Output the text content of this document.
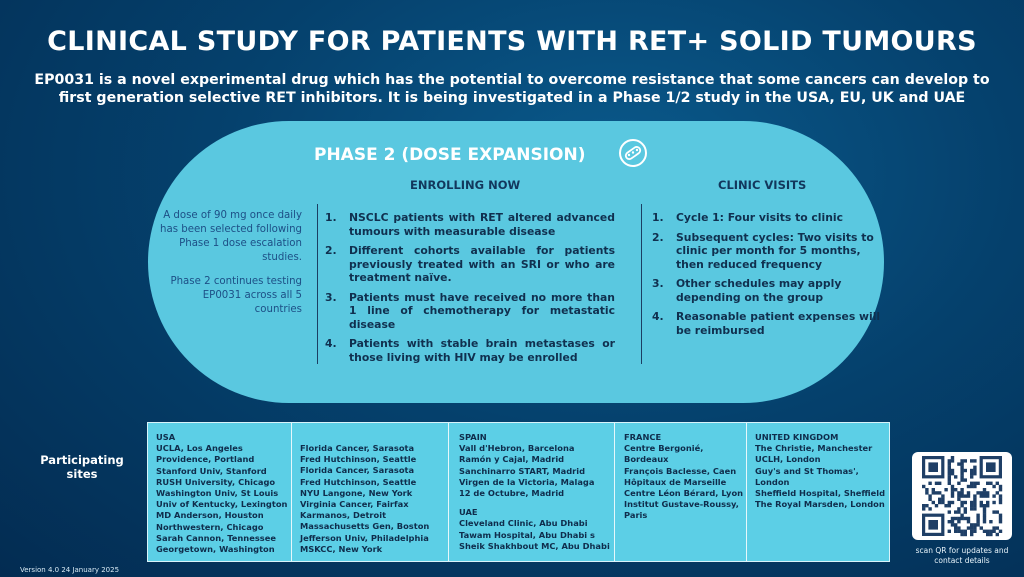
CLINICAL STUDY FOR PATIENTS WITH RET+ SOLID TUMOURS
EP0031 is a novel experimental drug which has the potential to overcome resistance that some cancers can develop to
first generation selective RET inhibitors. It is being investigated in a Phase 1/2 study in the USA, EU, UK and UAE
PHASE 2 (DOSE EXPANSION)

A dose of 90 mg once daily has been selected following Phase 1 dose escalation studies.

Phase 2 continues testing EP0031 across all 5 countries

ENROLLING NOW
1. NSCLC patients with RET altered advanced tumours with measurable disease
2. Different cohorts available for patients previously treated with an SRI or who are treatment naïve.
3. Patients must have received no more than 1 line of chemotherapy for metastatic disease
4. Patients with stable brain metastases or those living with HIV may be enrolled
CLINIC VISITS
1. Cycle 1: Four visits to clinic
2. Subsequent cycles: Two visits to clinic per month for 5 months, then reduced frequency
3. Other schedules may apply depending on the group
4. Reasonable patient expenses will be reimbursed
Participating sites
USA
UCLA, Los Angeles
Providence, Portland
Stanford Univ, Stanford
RUSH University, Chicago
Washington Univ, St Louis
Univ of Kentucky, Lexington
MD Anderson, Houston
Northwestern, Chicago
Sarah Cannon, Tennessee
Georgetown, Washington
Florida Cancer, Sarasota
Fred Hutchinson, Seattle
Florida Cancer, Sarasota
Fred Hutchinson, Seattle
NYU Langone, New York
Virginia Cancer, Fairfax
Karmanos, Detroit
Massachusetts Gen, Boston
Jefferson Univ, Philadelphia
MSKCC, New York
SPAIN
Vall d'Hebron, Barcelona
Ramón y Cajal, Madrid
Sanchinarro START, Madrid
Virgen de la Victoria, Malaga
12 de Octubre, Madrid
UAE
Cleveland Clinic, Abu Dhabi
Tawam Hospital, Abu Dhabi s
Sheik Shakhbout MC, Abu Dhabi
FRANCE
Centre Bergonié,
Bordeaux
François Baclesse, Caen
Hôpitaux de Marseille
Centre Léon Bérard, Lyon
Institut Gustave-Roussy,
Paris
UNITED KINGDOM
The Christie, Manchester
UCLH, London
Guy's and St Thomas',
London
Sheffield Hospital, Sheffield
The Royal Marsden, London
scan QR for updates and contact details
Version 4.0 24 January 2025
